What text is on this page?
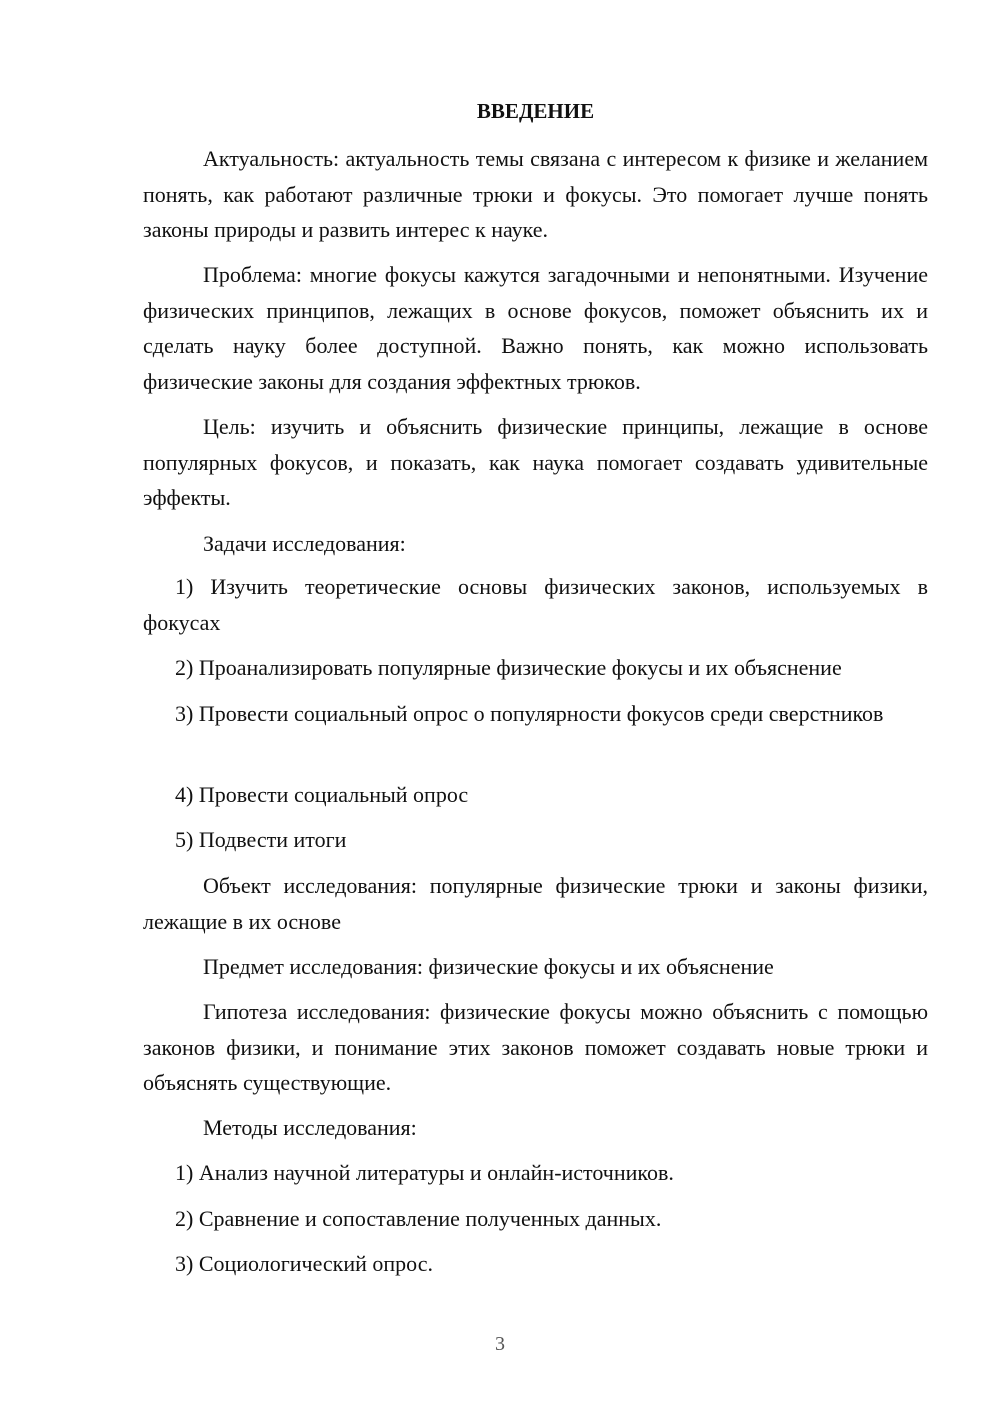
ВВЕДЕНИЕ

Актуальность: актуальность темы связана с интересом к физике и желанием понять, как работают различные трюки и фокусы. Это помогает лучше понять законы природы и развить интерес к науке.

Проблема: многие фокусы кажутся загадочными и непонятными. Изучение физических принципов, лежащих в основе фокусов, поможет объяснить их и сделать науку более доступной. Важно понять, как можно использовать физические законы для создания эффектных трюков.

Цель: изучить и объяснить физические принципы, лежащие в основе популярных фокусов, и показать, как наука помогает создавать удивительные эффекты.

Задачи исследования:

1) Изучить теоретические основы физических законов, используемых в фокусах

2) Проанализировать популярные физические фокусы и их объяснение

3) Провести социальный опрос о популярности фокусов среди сверстников

4) Провести социальный опрос

5) Подвести итоги

Объект исследования: популярные физические трюки и законы физики, лежащие в их основе

Предмет исследования: физические фокусы и их объяснение

Гипотеза исследования: физические фокусы можно объяснить с помощью законов физики, и понимание этих законов поможет создавать новые трюки и объяснять существующие.

Методы исследования:

1) Анализ научной литературы и онлайн-источников.

2) Сравнение и сопоставление полученных данных.

3) Социологический опрос.

3
